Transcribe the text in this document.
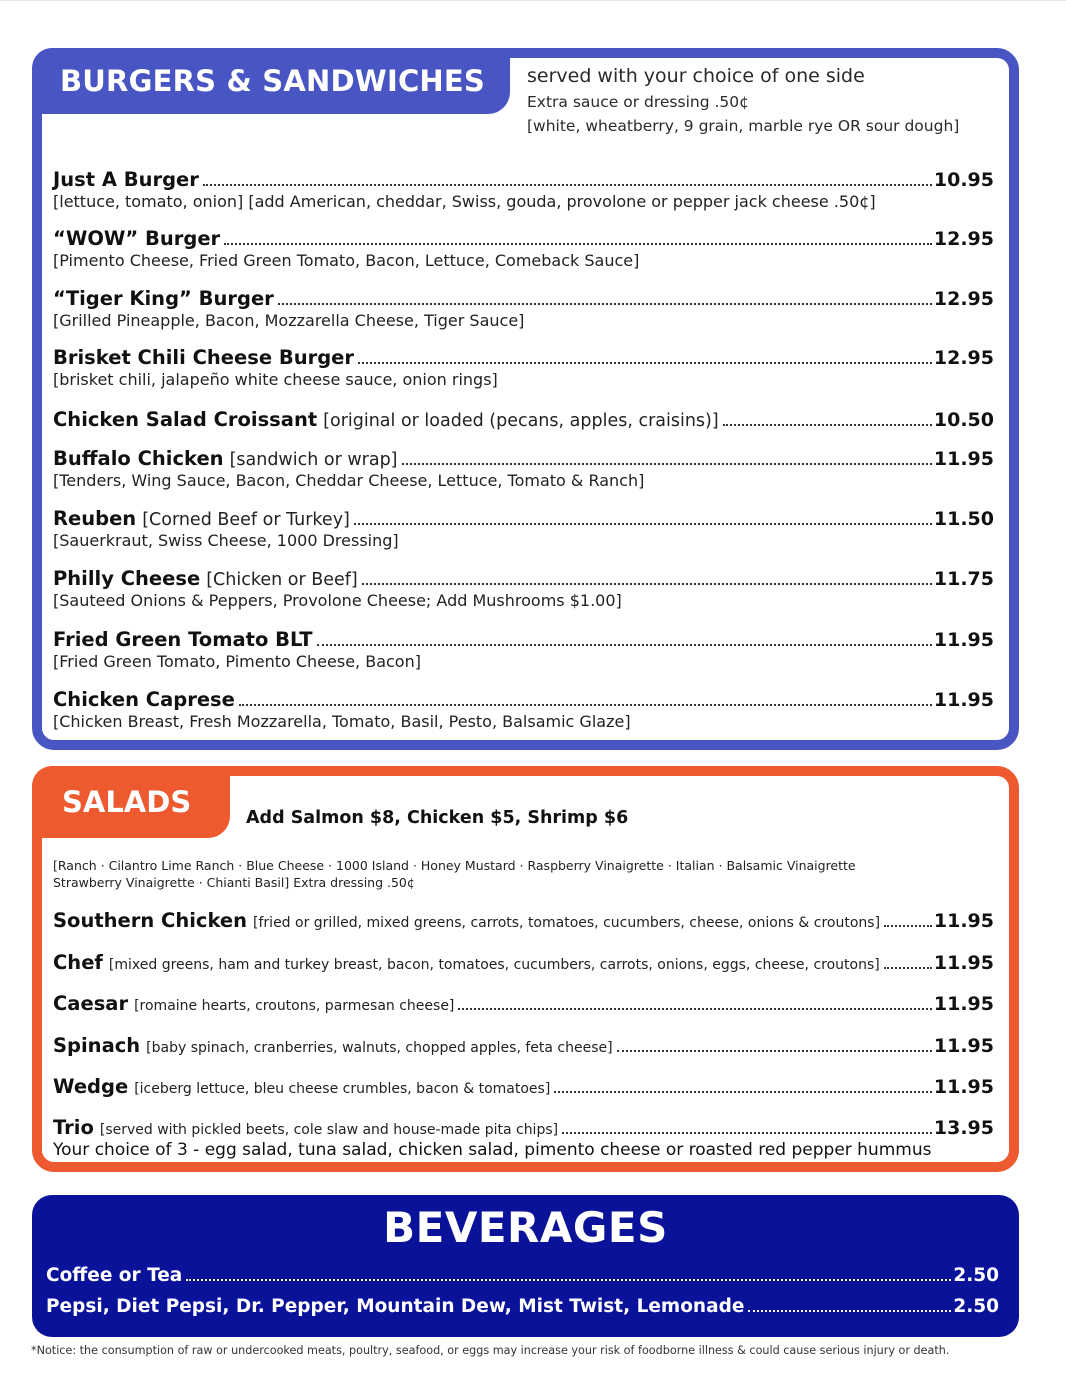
BURGERS & SANDWICHES	served with your choice of one side
Extra sauce or dressing .50¢
[white, wheatberry, 9 grain, marble rye OR sour dough]
Just A Burger	10.95
[lettuce, tomato, onion] [add American, cheddar, Swiss, gouda, provolone or pepper jack cheese .50¢]
“WOW” Burger	12.95
[Pimento Cheese, Fried Green Tomato, Bacon, Lettuce, Comeback Sauce]
“Tiger King” Burger	12.95
[Grilled Pineapple, Bacon, Mozzarella Cheese, Tiger Sauce]
Brisket Chili Cheese Burger	12.95
[brisket chili, jalapeño white cheese sauce, onion rings]
Chicken Salad Croissant [original or loaded (pecans, apples, craisins)]	10.50
Buffalo Chicken [sandwich or wrap]	11.95
[Tenders, Wing Sauce, Bacon, Cheddar Cheese, Lettuce, Tomato & Ranch]
Reuben [Corned Beef or Turkey]	11.50
[Sauerkraut, Swiss Cheese, 1000 Dressing]
Philly Cheese [Chicken or Beef]	11.75
[Sauteed Onions & Peppers, Provolone Cheese; Add Mushrooms $1.00]
Fried Green Tomato BLT	11.95
[Fried Green Tomato, Pimento Cheese, Bacon]
Chicken Caprese	11.95
[Chicken Breast, Fresh Mozzarella, Tomato, Basil, Pesto, Balsamic Glaze]
SALADS	Add Salmon $8, Chicken $5, Shrimp $6
[Ranch · Cilantro Lime Ranch · Blue Cheese · 1000 Island · Honey Mustard · Raspberry Vinaigrette · Italian · Balsamic Vinaigrette
Strawberry Vinaigrette · Chianti Basil] Extra dressing .50¢
Southern Chicken [fried or grilled, mixed greens, carrots, tomatoes, cucumbers, cheese, onions & croutons]	11.95
Chef [mixed greens, ham and turkey breast, bacon, tomatoes, cucumbers, carrots, onions, eggs, cheese, croutons]	11.95
Caesar [romaine hearts, croutons, parmesan cheese]	11.95
Spinach [baby spinach, cranberries, walnuts, chopped apples, feta cheese]	11.95
Wedge [iceberg lettuce, bleu cheese crumbles, bacon & tomatoes]	11.95
Trio [served with pickled beets, cole slaw and house-made pita chips]	13.95
Your choice of 3 - egg salad, tuna salad, chicken salad, pimento cheese or roasted red pepper hummus
BEVERAGES
Coffee or Tea	2.50
Pepsi, Diet Pepsi, Dr. Pepper, Mountain Dew, Mist Twist, Lemonade	2.50
*Notice: the consumption of raw or undercooked meats, poultry, seafood, or eggs may increase your risk of foodborne illness & could cause serious injury or death.
